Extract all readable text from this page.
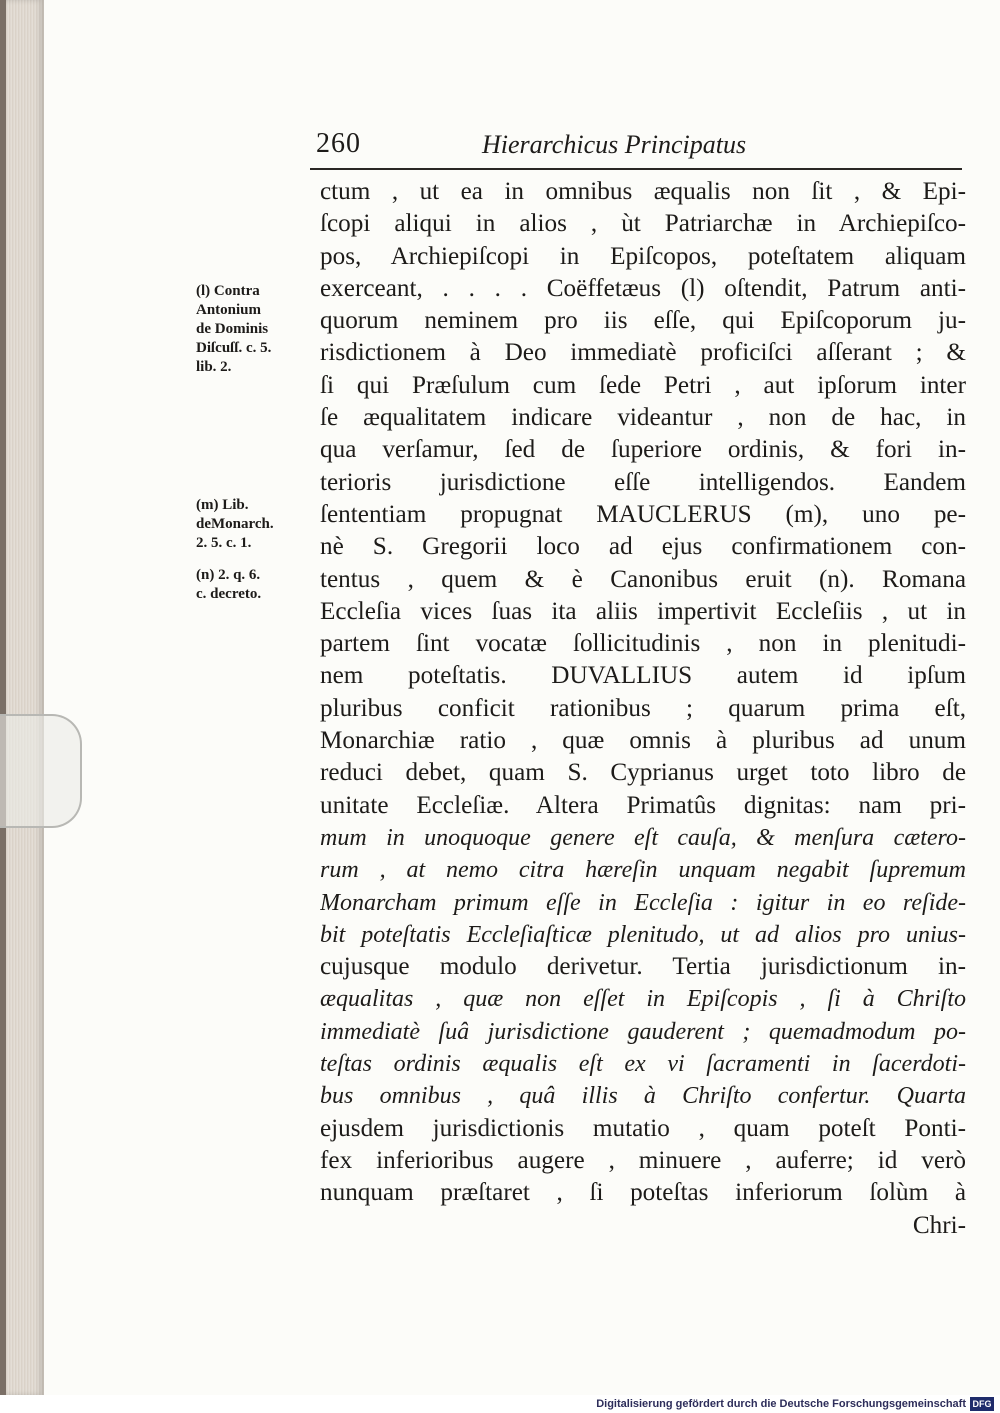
260	Hierarchicus Principatus
(l) Contra
Antonium
de Dominis
Diſcuſſ. c. 5.
lib. 2.
(m) Lib.
deMonarch.
2. 5. c. 1.
(n) 2. q. 6.
c. decreto.
ctum , ut ea in omnibus æqualis non ſit , & Epi-
ſcopi aliqui in alios , ùt Patriarchæ in Archiepiſco-
pos, Archiepiſcopi in Epiſcopos, poteſtatem aliquam
exerceant, . . . . Coëffetæus (l) oſtendit, Patrum anti-
quorum neminem pro iis eſſe, qui Epiſcoporum ju-
risdictionem à Deo immediatè proficiſci aſſerant ; &
ſi qui Præſulum cum ſede Petri , aut ipſorum inter
ſe æqualitatem indicare videantur , non de hac, in
qua verſamur, ſed de ſuperiore ordinis, & fori in-
terioris jurisdictione eſſe intelligendos. Eandem
ſententiam propugnat MAUCLERUS (m), uno pe-
nè S. Gregorii loco ad ejus confirmationem con-
tentus , quem & è Canonibus eruit (n). Romana
Eccleſia vices ſuas ita aliis impertivit Eccleſiis , ut in
partem ſint vocatæ ſollicitudinis , non in plenitudi-
nem poteſtatis. DUVALLIUS autem id ipſum
pluribus conficit rationibus ; quarum prima eſt,
Monarchiæ ratio , quæ omnis à pluribus ad unum
reduci debet, quam S. Cyprianus urget toto libro de
unitate Eccleſiæ. Altera Primatûs dignitas: nam pri-
mum in unoquoque genere eſt cauſa, & menſura cætero-
rum , at nemo citra hæreſin unquam negabit ſupremum
Monarcham primum eſſe in Eccleſia : igitur in eo reſide-
bit poteſtatis Eccleſiaſticæ plenitudo, ut ad alios pro unius-
cujusque modulo derivetur. Tertia jurisdictionum in-
æqualitas , quæ non eſſet in Epiſcopis , ſi à Chriſto
immediatè ſuâ jurisdictione gauderent ; quemadmodum po-
teſtas ordinis æqualis eſt ex vi ſacramenti in ſacerdoti-
bus omnibus , quâ illis à Chriſto confertur. Quarta
ejusdem jurisdictionis mutatio , quam poteſt Ponti-
fex inferioribus augere , minuere , auferre; id verò
nunquam præſtaret , ſi poteſtas inferiorum ſolùm à
Chri-
Digitalisierung gefördert durch die Deutsche Forschungsgemeinschaft DFG
